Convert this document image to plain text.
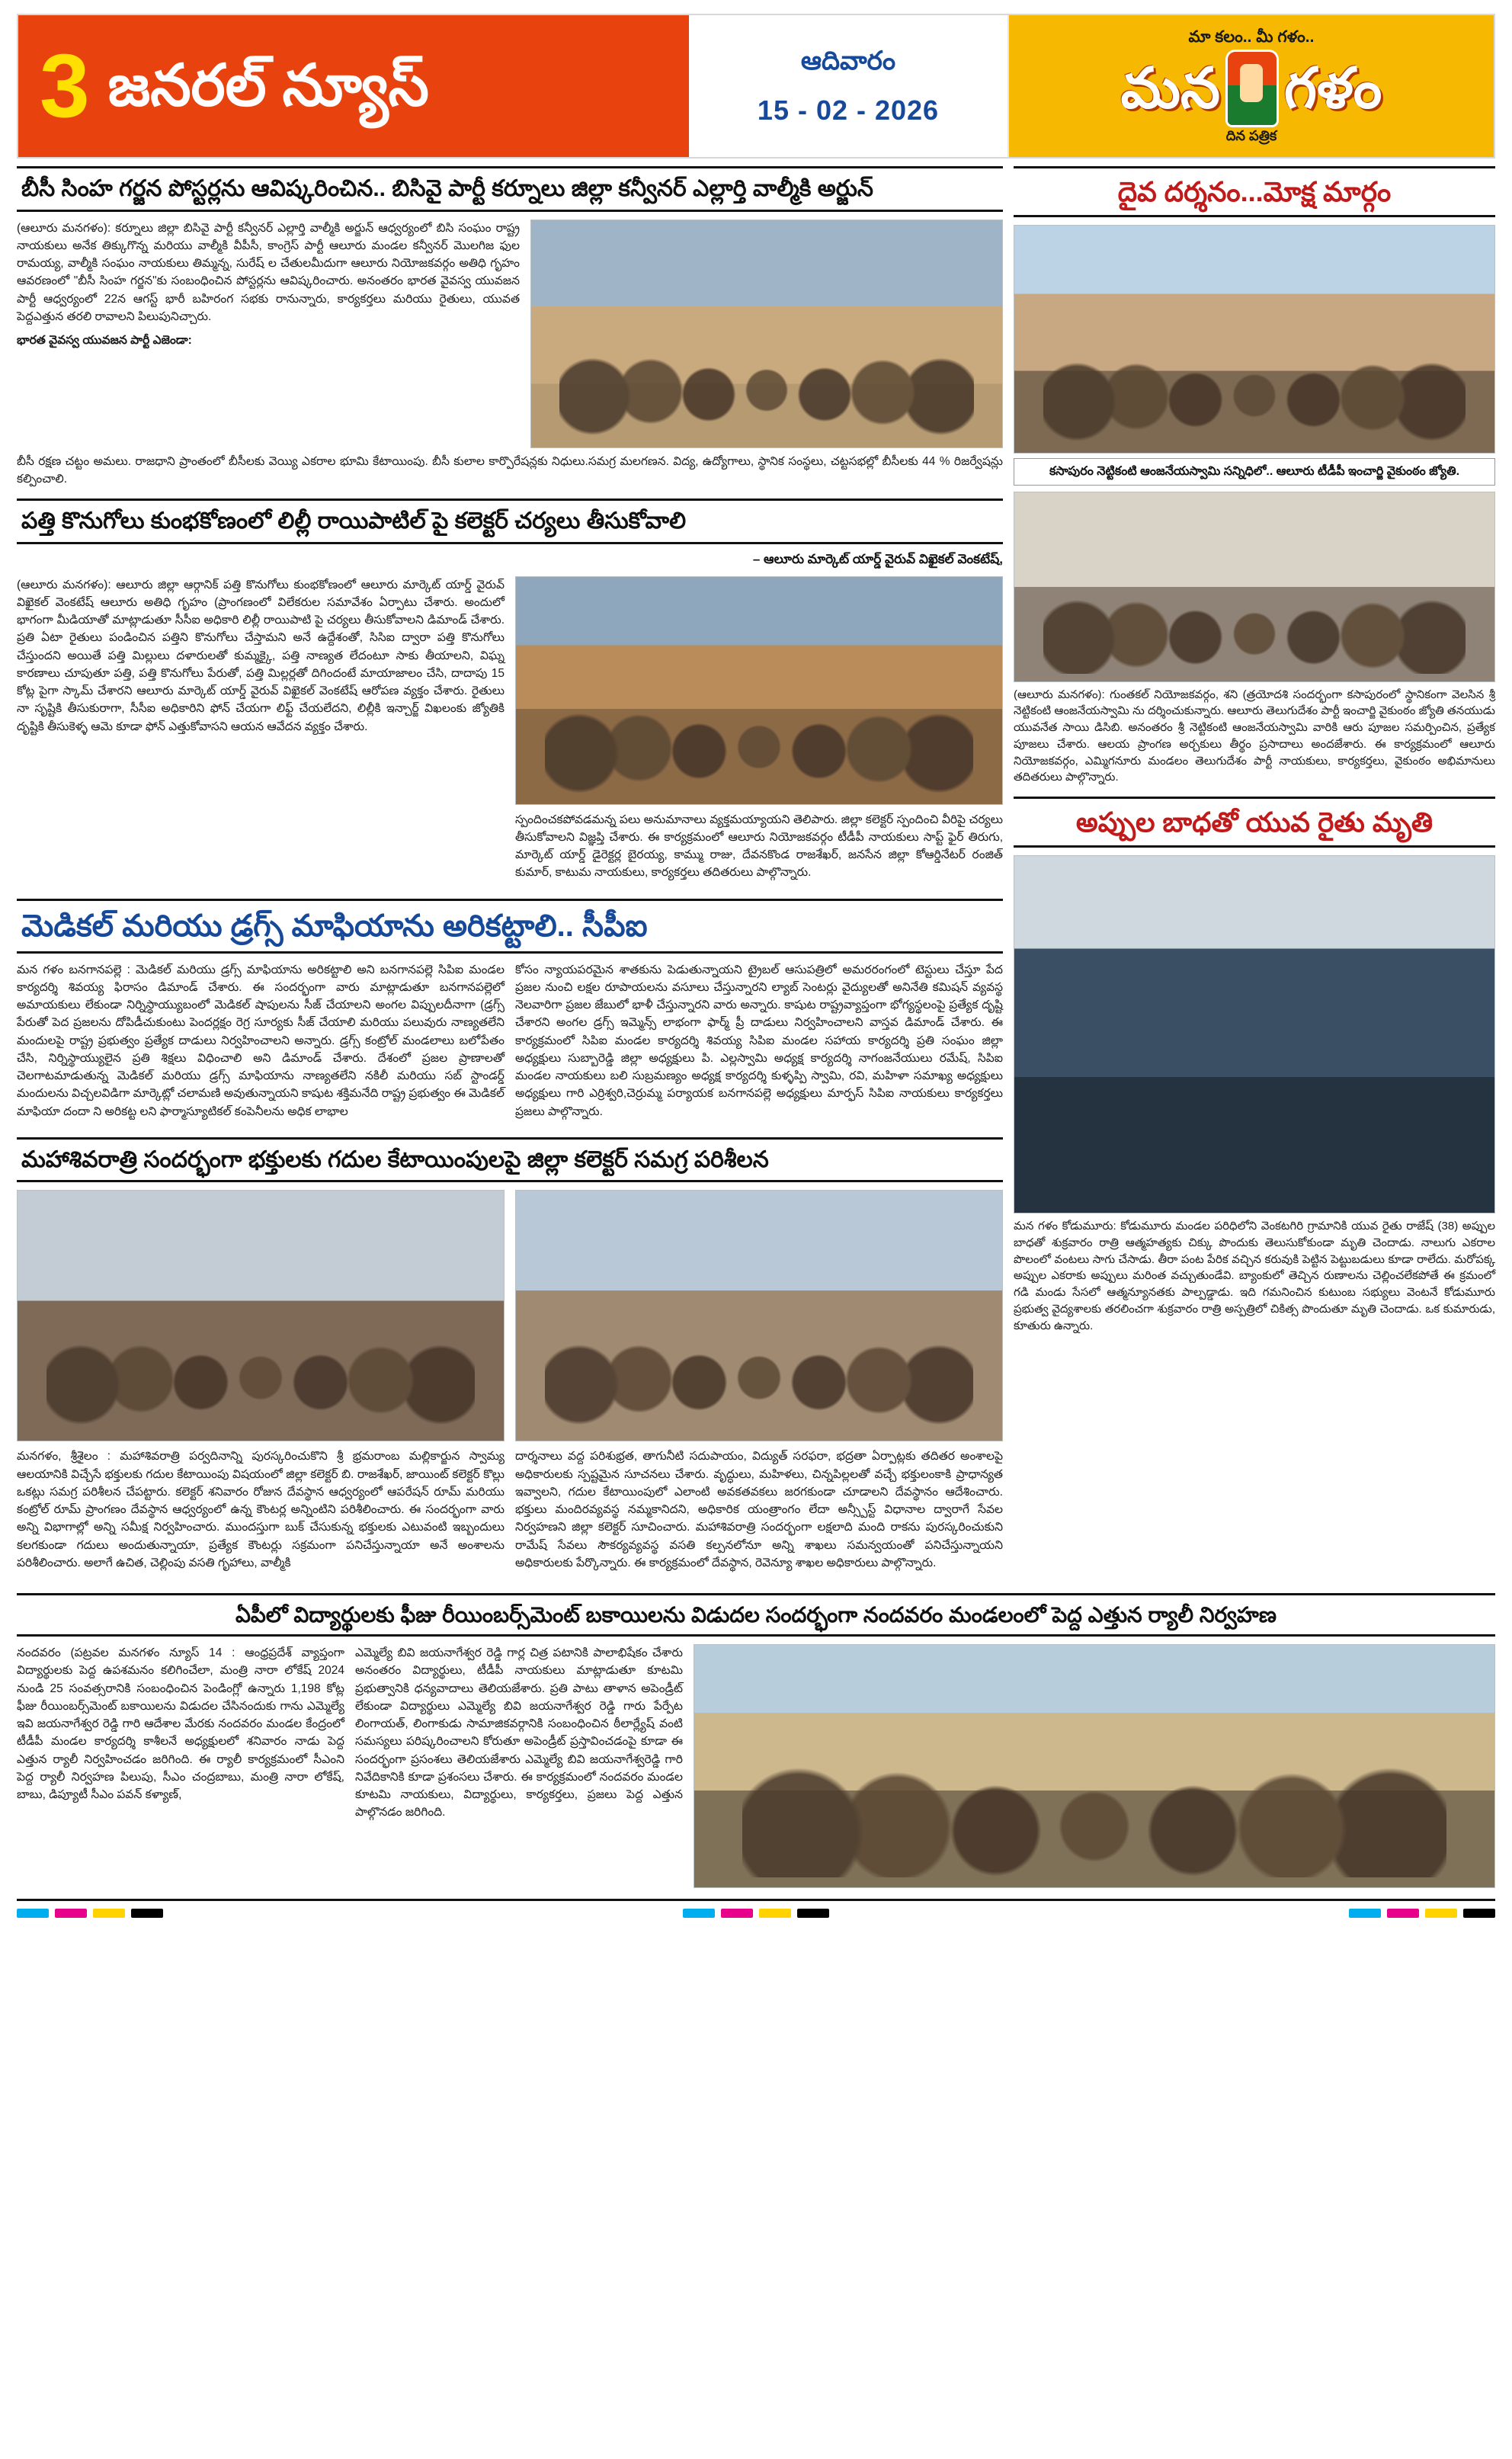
3 జనరల్ న్యూస్	ఆదివారం
15 - 02 - 2026
మా కలం.. మీ గళం..
మన గళం
దిన పత్రిక
బీసీ సింహ గర్జన పోస్టర్లను ఆవిష్కరించిన.. బిసివై పార్టీ కర్నూలు జిల్లా కన్వీనర్ ఎల్లార్తి వాల్మీకి అర్జున్

(ఆలూరు మనగళం): కర్నూలు జిల్లా బిసివై పార్టీ కన్వీనర్ ఎల్లార్తి వాల్మీకి అర్జున్ ఆధ్వర్యంలో బిసి సంఘం రాష్ట్ర నాయకులు అనేక తిక్కుగొన్న మరియు వాల్మీకి వీపీసీ, కాంగ్రెస్ పార్టీ ఆలూరు మండల కన్వీనర్ మొలగిజ ఫుల రామయ్య, వాల్మీకి సంఘం నాయకులు తిమ్మన్న, సురేష్ ల చేతులమీదుగా ఆలూరు నియోజకవర్గం అతిధి గృహం ఆవరణంలో "బీసీ సింహ గర్జన"కు సంబంధించిన పోస్టర్లను ఆవిష్కరించారు. అనంతరం భారత వైవస్వ యువజన పార్టీ ఆధ్వర్యంలో 22న ఆగస్ట్ భారీ బహిరంగ సభకు రానున్నారు, కార్యకర్తలు మరియు రైతులు, యువత పెద్దఎత్తున తరలి రావాలని పిలుపునిచ్చారు.

భారత వైవస్వ యువజన పార్టీ ఎజెండా:

బీసీ రక్షణ చట్టం అమలు. రాజధాని ప్రాంతంలో బీసీలకు వెయ్యి ఎకరాల భూమి కేటాయింపు. బీసీ కులాల కార్పొరేషన్లకు నిధులు.సమగ్ర మలగణన. విద్య, ఉద్యోగాలు, స్థానిక సంస్థలు, చట్టసభల్లో బీసీలకు 44 % రిజర్వేషన్లు కల్పించాలి.

పత్తి కొనుగోలు కుంభకోణంలో లిల్లీ రాయిపాటిల్ పై కలెక్టర్ చర్యలు తీసుకోవాలి
– ఆలూరు మార్కెట్ యార్డ్ వైరువ్ విఖైకల్ వెంకటేష్,

(ఆలూరు మనగళం): ఆలూరు జిల్లా ఆర్గానిక్ పత్తి కొనుగోలు కుంభకోణంలో ఆలూరు మార్కెట్ యార్డ్ వైరువ్ విఖైకల్ వెంకటేష్ ఆలూరు అతిధి గృహం (ప్రాంగణంలో విలేకరుల సమావేశం ఏర్పాటు చేశారు. అందులో భాగంగా మీడియాతో మాట్లాడుతూ సీసీఐ అధికారి లిల్లీ రాయిపాటి పై చర్యలు తీసుకోవాలని డిమాండ్ చేశారు. ప్రతి ఏటా రైతులు పండించిన పత్తిని కొనుగోలు చేస్తామని అనే ఉద్దేశంతో, సిసిఐ ద్వారా పత్తి కొనుగోలు చేస్తుందని అయితే పత్తి మిల్లులు దళారులతో కుమ్మక్కై, పత్తి నాణ్యత లేదంటూ సాకు తీయాలని, విఘ్న కారణాలు చూపుతూ పత్తి, పత్తి కొనుగోలు పేరుతో, పత్తి మిల్లర్లతో దిగిందంటే మాయాజాలం చేసి, దాదాపు 15 కోట్ల పైగా స్కామ్ చేశారని ఆలూరు మార్కెట్ యార్డ్ వైరువ్ విఖైకల్ వెంకటేష్ ఆరోపణ వ్యక్తం చేశారు. రైతులు నా సృష్టికి తీసుకురాగా, సీసీఐ అధికారిని ఫోన్ చేయగా లిఫ్ట్ చేయలేదని, లిల్లీకి ఇన్చార్జ్ విఖలంకు జ్యోతికి దృష్టికి తీసుకెళ్ళ ఆమె కూడా ఫోన్ ఎత్తుకోవాసని ఆయన ఆవేదన వ్యక్తం చేశారు.

స్పందించకపోవడమన్న పలు అనుమానాలు వ్యక్తమయ్యాయని తెలిపారు. జిల్లా కలెక్టర్ స్పందించి వీరిపై చర్యలు తీసుకోవాలని విజ్ఞప్తి చేశారు. ఈ కార్యక్రమంలో ఆలూరు నియోజకవర్గం టీడీపీ నాయకులు సాప్ట్ ఫైర్ తిరుగు, మార్కెట్ యార్డ్ డైరెక్టర్ల బైరయ్య, కామ్ము రాజు, దేవనకొండ రాజశేఖర్, జనసేన జిల్లా కోఆర్డినేటర్ రంజిత్ కుమార్, కాటుమ నాయకులు, కార్యకర్తలు తదితరులు పాల్గొన్నారు.

మెడికల్ మరియు డ్రగ్స్ మాఫియాను అరికట్టాలి.. సీపీఐ

మన గళం బనగానపల్లె : మెడికల్ మరియు డ్రగ్స్ మాఫియాను అరికట్టాలి అని బనగానపల్లె సిపిఐ మండల కార్యదర్శి శివయ్య ఫిరాసం డిమాండ్ చేశారు. ఈ సందర్భంగా వారు మాట్లాడుతూ బనగానపల్లెలో అమాయకులు లేకుండా నిర్నిస్థాయ్యుబంలో మెడికల్ షాపులను సీజ్ చేయాలని అంగల విప్పులదీనాగా (డ్రగ్స్ పేరుతో పెద ప్రజలను దోపిడీచుకుంటు పెందర్లక్షం రెగ్ర సూర్యకు సీజ్ చేయాలి మరియు పలువురు నాణ్యతలేని మందులపై రాష్ట్ర ప్రభుత్వం ప్రత్యేక దాడులు నిర్వహించాలని అన్నారు. డ్రగ్స్ కంట్రోల్ మండలాలు బలోపేతం చేసి, నిర్నిస్థాయ్యులైన ప్రతి శిక్షలు విధించాలి అని డిమాండ్ చేశారు. దేశంలో ప్రజల ప్రాణాలతో చెలగాటమాడుతున్న మెడికల్ మరియు డ్రగ్స్ మాఫియాను నాణ్యతలేని నకిలీ మరియు సబ్ స్టాండర్డ్ మందులను విచ్చలవిడిగా మార్కెట్లో చలామణి అవుతున్నాయని కాషుట శక్తిమనేది రాష్ట్ర ప్రభుత్వం ఈ మెడికల్ మాఫియా దందా ని అరికట్ట లని ఫార్మాస్యూటికల్ కంపెనీలను అధిక లాభాల

కోసం న్యాయపరమైన శాతకును పెడుతున్నాయని ట్రైబల్ ఆసుపత్రిలో అమరరంగంలో టెస్టులు చేస్తూ పేద ప్రజల నుంచి లక్షల రూపాయలను వసూలు చేస్తున్నారని ల్యాబ్ సెంటర్లు వైద్యులతో అనినేతి కమిషన్ వ్యవస్థ నెలవారిగా ప్రజల జేబులో భాళీ చేస్తున్నారని వారు అన్నారు. కాషుట రాష్ట్రవ్యాప్తంగా భోగ్యస్థలంపై ప్రత్యేక దృష్టి చేశారని అంగల డ్రగ్స్ ఇమ్మెన్స్ లాభంగా ఫార్మ్ ప్రీ దాడులు నిర్వహించాలని వాస్తవ డిమాండ్ చేశారు. ఈ కార్యక్రమంలో సిపిఐ మండల కార్యదర్శి శివయ్య సిపిఐ మండల సహాయ కార్యదర్శి ప్రతి సంఘం జిల్లా అధ్యక్షులు సుబ్బారెడ్డి జిల్లా అధ్యక్షులు పి. ఎల్లస్వామి అధ్యక్ష కార్యదర్శి నాగంజనేయులు రమేష్, సిపిఐ మండల నాయకులు బలి సుబ్రమణ్యం అధ్యక్ష కార్యదర్శి కుళ్ళప్పి స్వామి, రవి, మహిళా సమాఖ్య అధ్యక్షులు అధ్యక్షులు గారి ఎర్రిశ్వరి,చెర్రుమ్మ పర్యాయక బనగానపల్లె అధ్యక్షులు మార్ఫస్ సిపిఐ నాయకులు కార్యకర్తలు ప్రజలు పాల్గొన్నారు.

మహాశివరాత్రి సందర్భంగా భక్తులకు గదుల కేటాయింపులపై జిల్లా కలెక్టర్ సమగ్ర పరిశీలన

మనగళం, శ్రీశైలం : మహాశివరాత్రి పర్వదినాన్ని పురస్కరించుకొని శ్రీ భ్రమరాంబ మల్లికార్జున స్వామ్య ఆలయానికి విచ్చేసే భక్తులకు గదుల కేటాయింపు విషయంలో జిల్లా కలెక్టర్ బి. రాజశేఖర్, జాయింట్ కలెక్టర్ కొల్లు ఒకట్లు సమగ్ర పరిశీలన చేపట్టారు. కలెక్టర్ శనివారం రోజున దేవస్థాన ఆధ్వర్యంలో ఆపరేషన్ రూమ్ మరియు కంట్రోల్ రూమ్ ప్రాంగణం దేవస్థాన ఆధ్వర్యంలో ఉన్న కౌంటర్ల అన్నింటిని పరిశీలించారు. ఈ సందర్భంగా వారు అన్ని విభాగాల్లో అన్ని సమీక్ష నిర్వహించారు. ముందస్తుగా బుక్ చేసుకున్న భక్తులకు ఎటువంటి ఇబ్బందులు కలగకుండా గదులు అందుతున్నాయా, ప్రత్యేక కౌంటర్లు సక్రమంగా పనిచేస్తున్నాయా అనే అంశాలను పరిశీలించారు. అలాగే ఉచిత, చెల్లింపు వసతి గృహాలు, వాల్మీకి

దార్శనాలు వద్ద పరిశుభ్రత, తాగునీటి సదుపాయం, విద్యుత్ సరఫరా, భద్రతా ఏర్పాట్లకు తదితర అంశాలపై అధికారులకు స్పష్టమైన సూచనలు చేశారు. వృద్ధులు, మహిళలు, చిన్నపిల్లలతో వచ్చే భక్తులంకాకి ప్రాధాన్యత ఇవ్వాలని, గదుల కేటాయింపులో ఎలాంటి అవకతవకలు జరగకుండా చూడాలని దేవస్థానం ఆదేశించారు. భక్తులు మందిరవ్యవస్థ నమ్మకానిదని, అధికారిక యంత్రాంగం లేదా అన్స్పీస్ట్ విధానాల ద్వారాగే సేవల నిర్వహణని జిల్లా కలెక్టర్ సూచించారు. మహాశివరాత్రి సందర్భంగా లక్షలాది మంది రాకను పురస్కరించుకుని రామేష్ సేవలు సౌకర్యవ్యవస్థ వసతి కల్పనలోనూ అన్ని శాఖలు సమన్వయంతో పనిచేస్తున్నాయని అధికారులకు పేర్కొన్నారు. ఈ కార్యక్రమంలో దేవస్థాన, రెవెన్యూ శాఖల అధికారులు పాల్గొన్నారు.

దైవ దర్శనం...మోక్ష మార్గం
కసాపురం నెట్టికంటి ఆంజనేయస్వామి సన్నిధిలో.. ఆలూరు టీడీపీ ఇంచార్జి వైకుంఠం జ్యోతి.

(ఆలూరు మనగళం): గుంతకల్ నియోజకవర్గం, శని (త్రయోదశి సందర్భంగా కసాపురంలో స్థానికంగా వెలసిన శ్రీ నెట్టికంటి ఆంజనేయస్వామి ను దర్శించుకున్నారు. ఆలూరు తెలుగుదేశం పార్టీ ఇంచార్జి వైకుంఠం జ్యోతి తనయుడు యువనేత సాయి డిసిబి. అనంతరం శ్రీ నెట్టికంటి ఆంజనేయస్వామి వారికి ఆరు పూజల సమర్పించిన, ప్రత్యేక పూజలు చేశారు. ఆలయ ప్రాంగణ అర్చకులు తీర్థం ప్రసాదాలు అందజేశారు. ఈ కార్యక్రమంలో ఆలూరు నియోజకవర్గం, ఎమ్మిగనూరు మండలం తెలుగుదేశం పార్టీ నాయకులు, కార్యకర్తలు, వైకుంఠం అభిమానులు తదితరులు పాల్గొన్నారు.

అప్పుల బాధతో యువ రైతు మృతి

మన గళం కోడుమూరు: కోడుమూరు మండల పరిధిలోని వెంకటగిరి గ్రామానికి యువ రైతు రాజేష్ (38) అప్పుల బాధతో శుక్రవారం రాత్రి ఆత్మహత్యకు చిక్కు పొందుకు తెలుసుకోకుండా మృతి చెందాడు. నాలుగు ఎకరాల పొలంలో వంటలు సాగు చేసాడు. తీరా పంట పేరిక వచ్చిన కరువుకి పెట్టిన పెట్టుబడులు కూడా రాలేదు. మరోపక్క అప్పుల ఎకరాకు అప్పులు మరింత వచ్చుతుండేవి. బ్యాంకులో తెచ్చిన రుణాలను చెల్లించలేకపోతే ఈ క్రమంలో గడి మండు సేసలో ఆత్మన్యూనతకు పాల్పడ్డాడు. ఇది గమనించిన కుటుంబ సభ్యులు వెంటనే కోడుమూరు ప్రభుత్వ వైద్యశాలకు తరలించగా శుక్రవారం రాత్రి అస్పత్రిలో చికిత్స పొందుతూ మృతి చెందాడు. ఒక కుమారుడు, కూతురు ఉన్నారు.

ఏపీలో విద్యార్థులకు ఫీజు రీయింబర్స్‌మెంట్ బకాయిలను విడుదల సందర్భంగా నందవరం మండలంలో పెద్ద ఎత్తున ర్యాలీ నిర్వహణ

నందవరం (పట్రవల మనగళం న్యూస్ 14 : ఆంధ్రప్రదేశ్ వ్యాప్తంగా విద్యార్థులకు పెద్ద ఉపశమనం కలిగించేలా, మంత్రి నారా లోకేష్ 2024 నుండి 25 సంవత్సరానికి సంబంధించిన పెండింగ్లో ఉన్నారు 1,198 కోట్ల ఫీజు రీయింబర్స్‌మెంట్ బకాయిలను విడుదల చేసినందుకు గాను ఎమ్మెల్యే ఇవి జయనాగేశ్వర రెడ్డి గారి ఆదేశాల మేరకు నందవరం మండల కేంద్రంలో టీడీపీ మండల కార్యదర్శి కాశీలనే అధ్యక్షులలో శనివారం నాడు పెద్ద ఎత్తున ర్యాలీ నిర్వహించడం జరిగింది. ఈ ర్యాలీ కార్యక్రమంలో సీఎంని పెద్ద ర్యాలీ నిర్వహణ పిలుపు, సీఎం చంద్రబాబు, మంత్రి నారా లోకేష్, బాబు, డిప్యూటీ సీఎం పవన్ కళ్యాణ్,

ఎమ్మెల్యే బివి జయనాగేశ్వర రెడ్డి గార్ల చిత్ర పటానికి పాలాభిషేకం చేశారు అనంతరం విద్యార్థులు, టీడీపీ నాయకులు మాట్లాడుతూ కూటమి ప్రభుత్వానికి ధన్యవాదాలు తెలియజేశారు. ప్రతి పాటు తాళాన అపెండ్రీట్ లేకుండా విద్యార్థులు ఎమ్మెల్యే బివి జయనాగేశ్వర రెడ్డి గారు పేర్పేట లింగాయత్, లింగాకుడు సామాజికవర్గానికి సంబంధించిన ఠీలార్ల్యేష్ వంటి సమస్యలు పరిష్కరించాలని కోరుతూ అపెండ్రీట్ ప్రస్తావించడంపై కూడా ఈ సందర్భంగా ప్రసంశలు తెలియజేశారు ఎమ్మెల్యే బివి జయనాగేశ్వరెడ్డి గారి నివేదికానికి కూడా ప్రశంసలు చేశారు. ఈ కార్యక్రమంలో నందవరం మండల కూటమి నాయకులు, విద్యార్థులు, కార్యకర్తలు, ప్రజలు పెద్ద ఎత్తున పాల్గొనడం జరిగింది.
